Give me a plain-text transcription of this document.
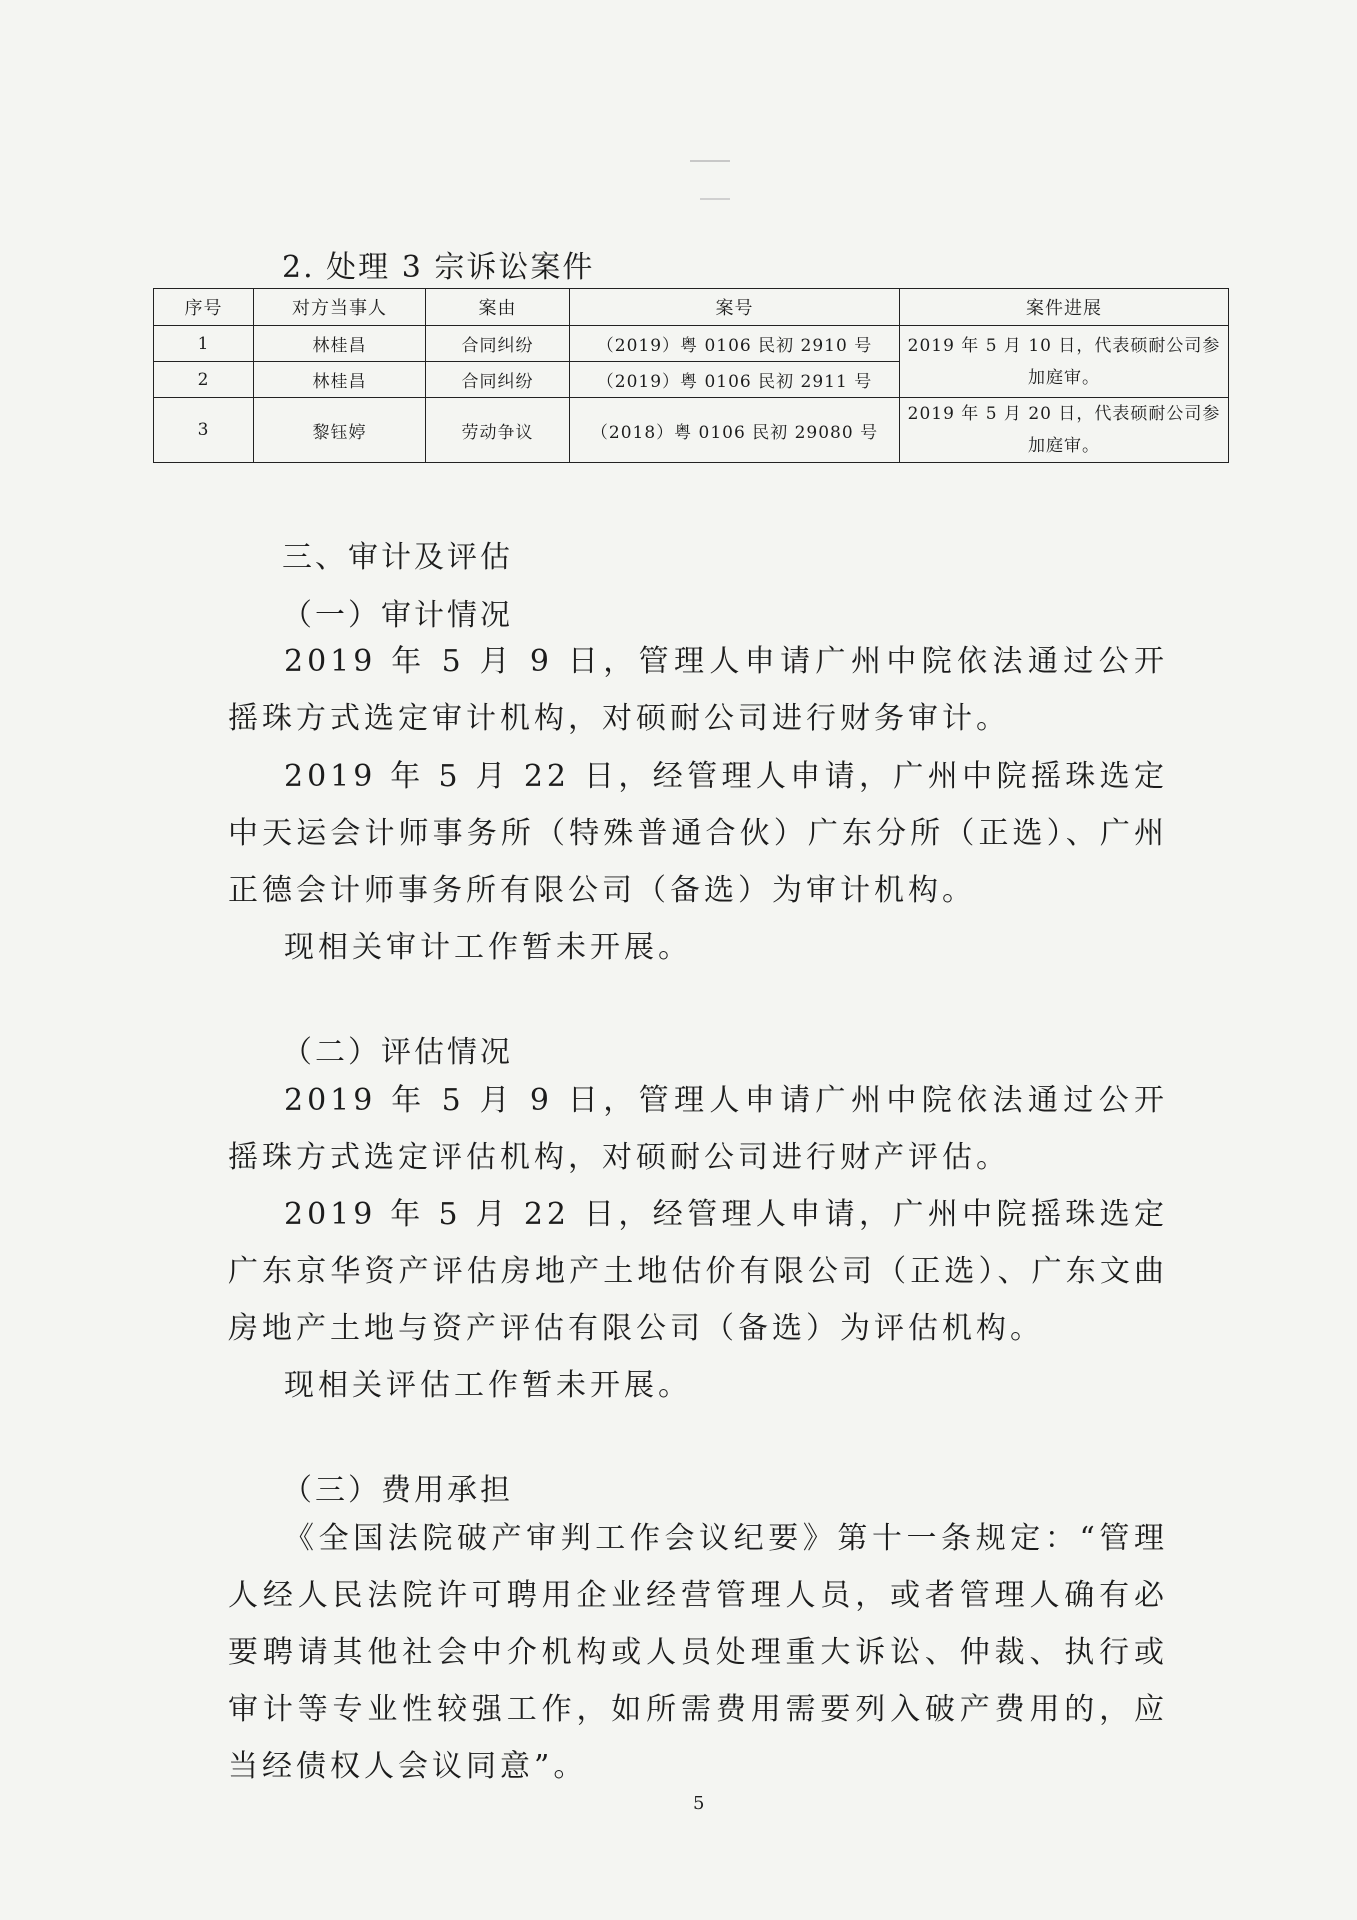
2. 处理 3 宗诉讼案件
序号	对方当事人	案由	案号	案件进展
1	林桂昌	合同纠纷	（2019）粤 0106 民初 2910 号	2019 年 5 月 10 日，代表硕耐公司参加庭审。
2	林桂昌	合同纠纷	（2019）粤 0106 民初 2911 号	
3	黎钰婷	劳动争议	（2018）粤 0106 民初 29080 号	2019 年 5 月 20 日，代表硕耐公司参加庭审。
三、审计及评估
（一）审计情况

2019 年 5 月 9 日，管理人申请广州中院依法通过公开摇珠方式选定审计机构，对硕耐公司进行财务审计。

2019 年 5 月 22 日，经管理人申请，广州中院摇珠选定中天运会计师事务所（特殊普通合伙）广东分所（正选）、广州正德会计师事务所有限公司（备选）为审计机构。

现相关审计工作暂未开展。

（二）评估情况

2019 年 5 月 9 日，管理人申请广州中院依法通过公开摇珠方式选定评估机构，对硕耐公司进行财产评估。

2019 年 5 月 22 日，经管理人申请，广州中院摇珠选定广东京华资产评估房地产土地估价有限公司（正选）、广东文曲房地产土地与资产评估有限公司（备选）为评估机构。

现相关评估工作暂未开展。

（三）费用承担

《全国法院破产审判工作会议纪要》第十一条规定：“管理人经人民法院许可聘用企业经营管理人员，或者管理人确有必要聘请其他社会中介机构或人员处理重大诉讼、仲裁、执行或审计等专业性较强工作，如所需费用需要列入破产费用的，应当经债权人会议同意”。

5
